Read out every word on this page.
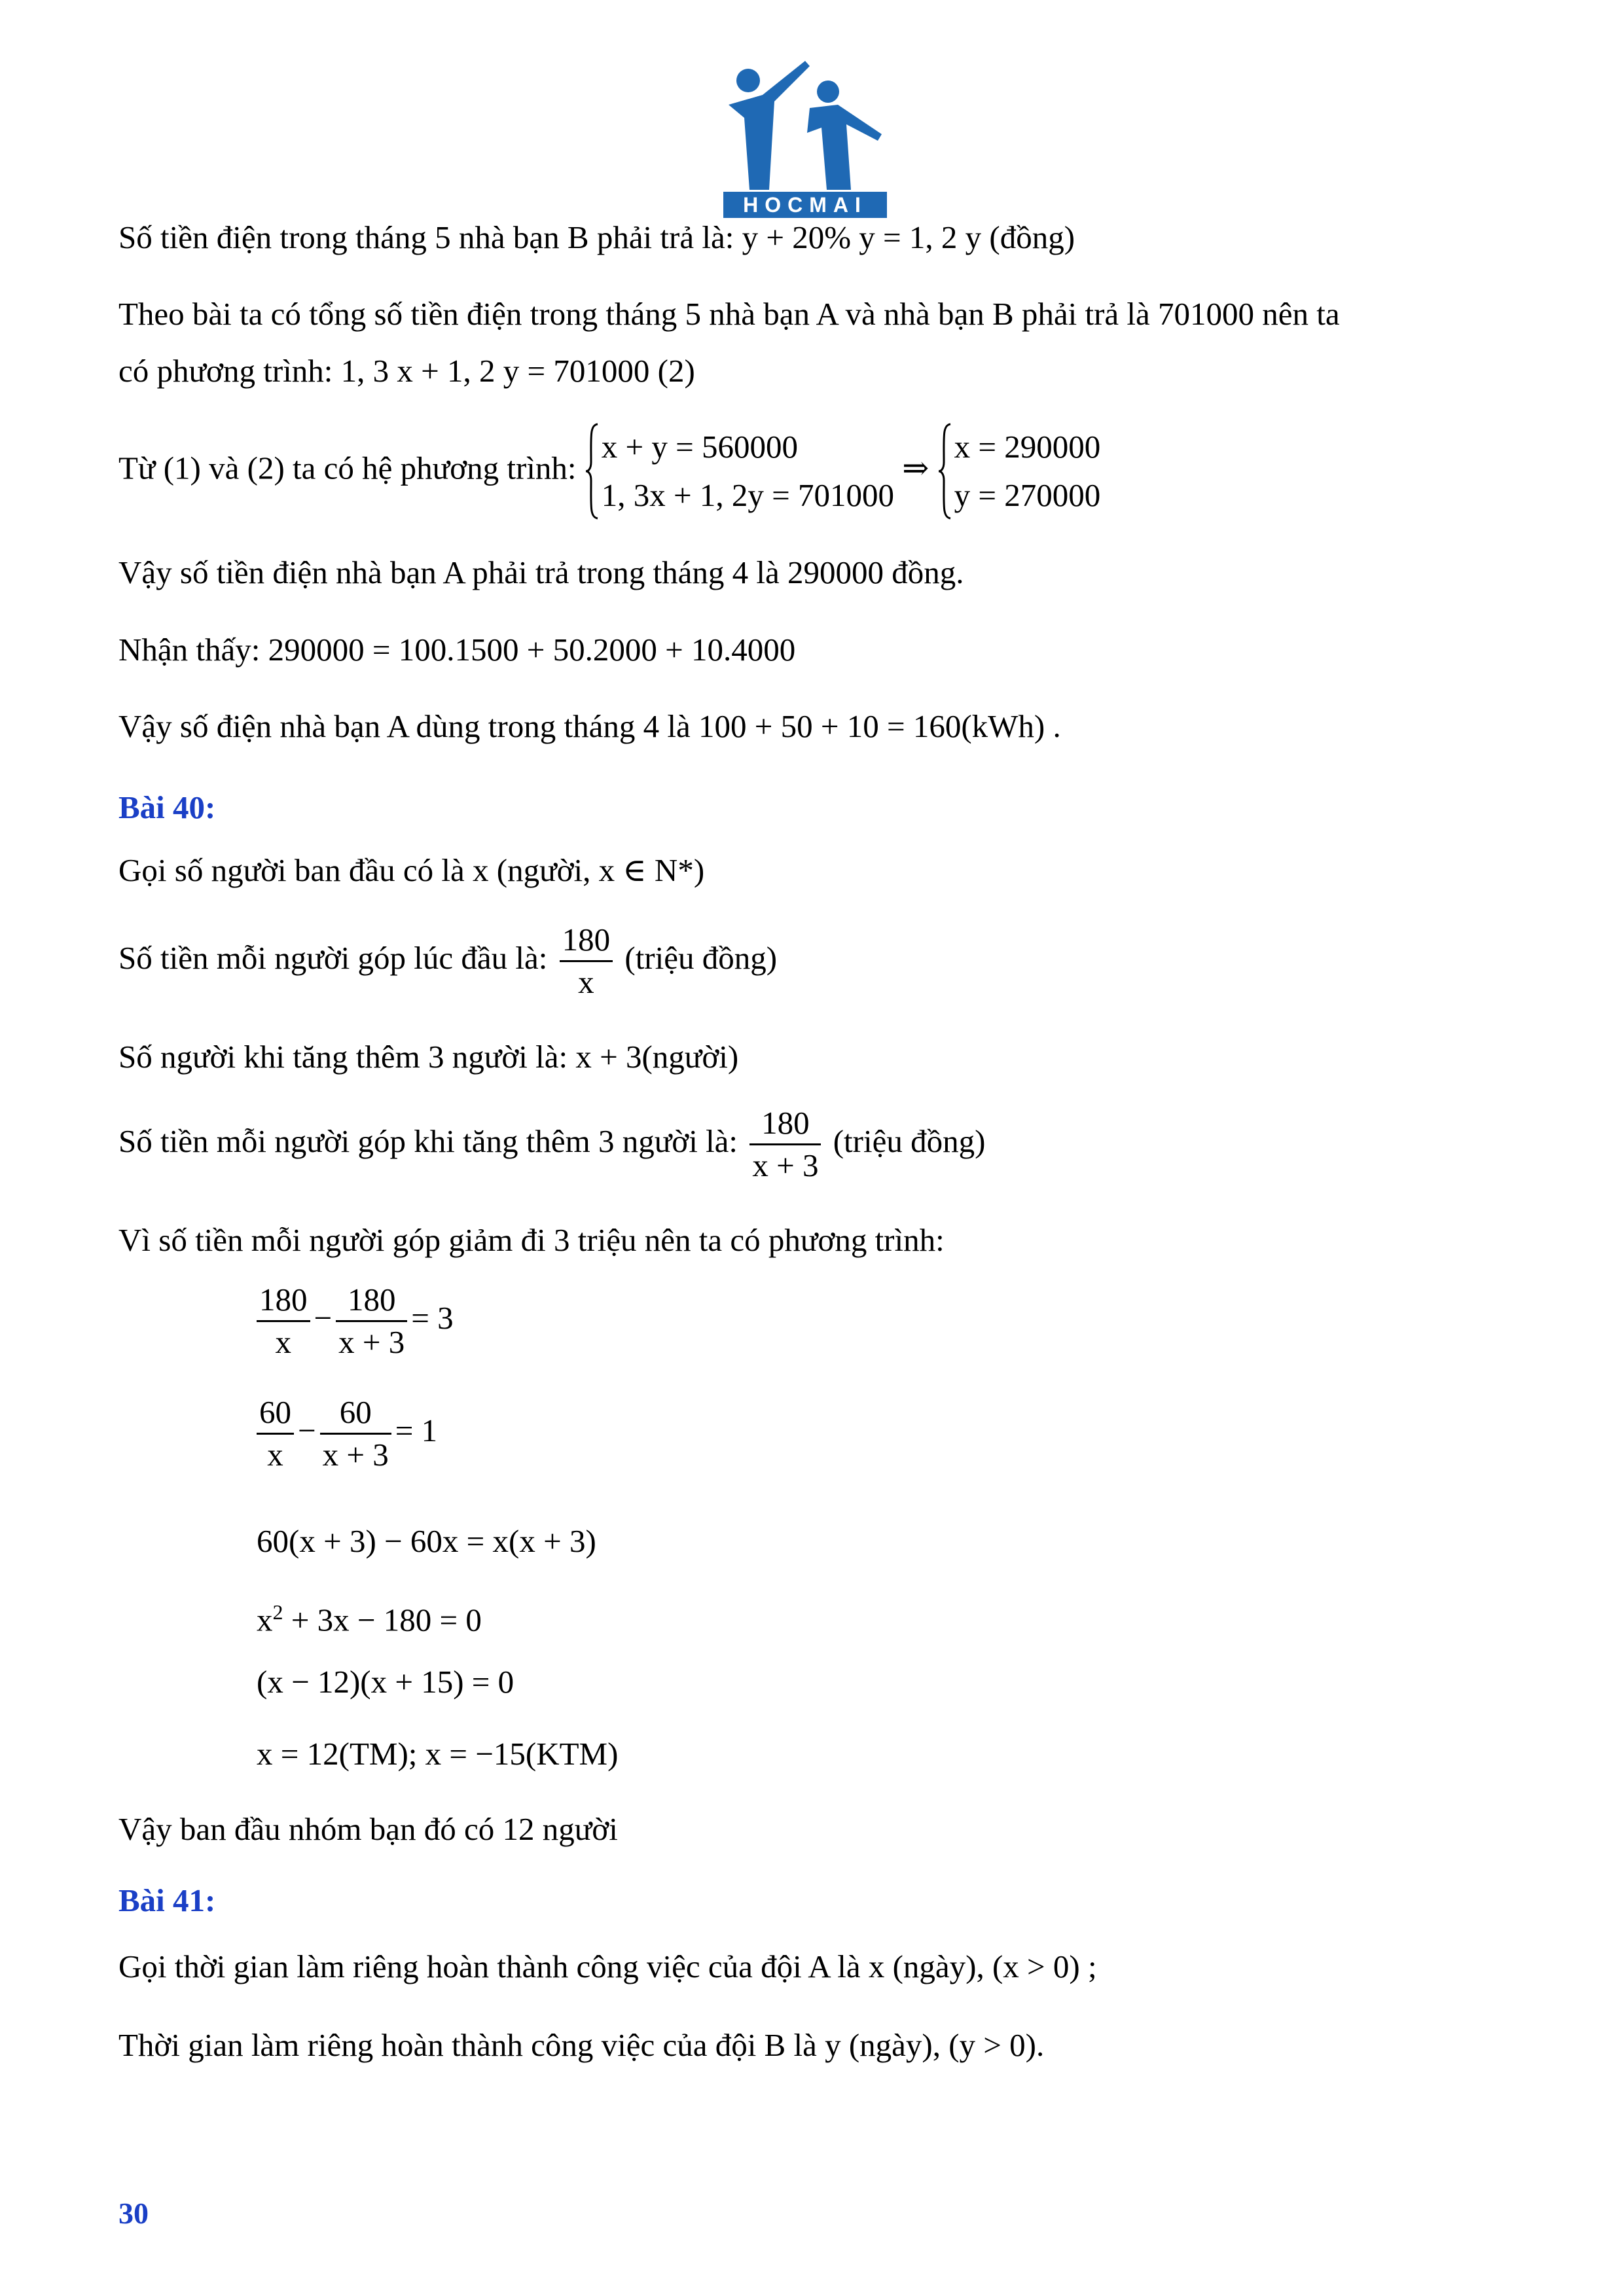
HOCMAI
Số tiền điện trong tháng 5 nhà bạn B phải trả là: y + 20% y = 1, 2 y (đồng)
Theo bài ta có tổng số tiền điện trong tháng 5 nhà bạn A và nhà bạn B phải trả là 701000 nên ta
có phương trình: 1, 3 x + 1, 2 y = 701000 (2)
Từ (1) và (2) ta có hệ phương trình:
x + y = 560000
1, 3x + 1, 2y = 701000
⇒
x = 290000
y = 270000
Vậy số tiền điện nhà bạn A phải trả trong tháng 4 là 290000 đồng.
Nhận thấy: 290000 = 100.1500 + 50.2000 + 10.4000
Vậy số điện nhà bạn A dùng trong tháng 4 là 100 + 50 + 10 = 160(kWh) .
Bài 40:
Gọi số người ban đầu có là x (người, x ∈ N*)
Số tiền mỗi người góp lúc đầu là: $\frac{180}{x}$ (triệu đồng)
Số người khi tăng thêm 3 người là: x + 3(người)
Số tiền mỗi người góp khi tăng thêm 3 người là: $\frac{180}{x + 3}$ (triệu đồng)
Vì số tiền mỗi người góp giảm đi 3 triệu nên ta có phương trình:
$\frac{180}{x} - \frac{180}{x + 3} = 3$
$\frac{60}{x} - \frac{60}{x + 3} = 1$
60(x + 3) − 60x = x(x + 3)
$x^2 + 3x - 180 = 0$
(x − 12)(x + 15) = 0
x = 12(TM); x = −15(KTM)
Vậy ban đầu nhóm bạn đó có 12 người
Bài 41:
Gọi thời gian làm riêng hoàn thành công việc của đội A là x (ngày), (x > 0) ;
Thời gian làm riêng hoàn thành công việc của đội B là y (ngày), (y > 0).
30
